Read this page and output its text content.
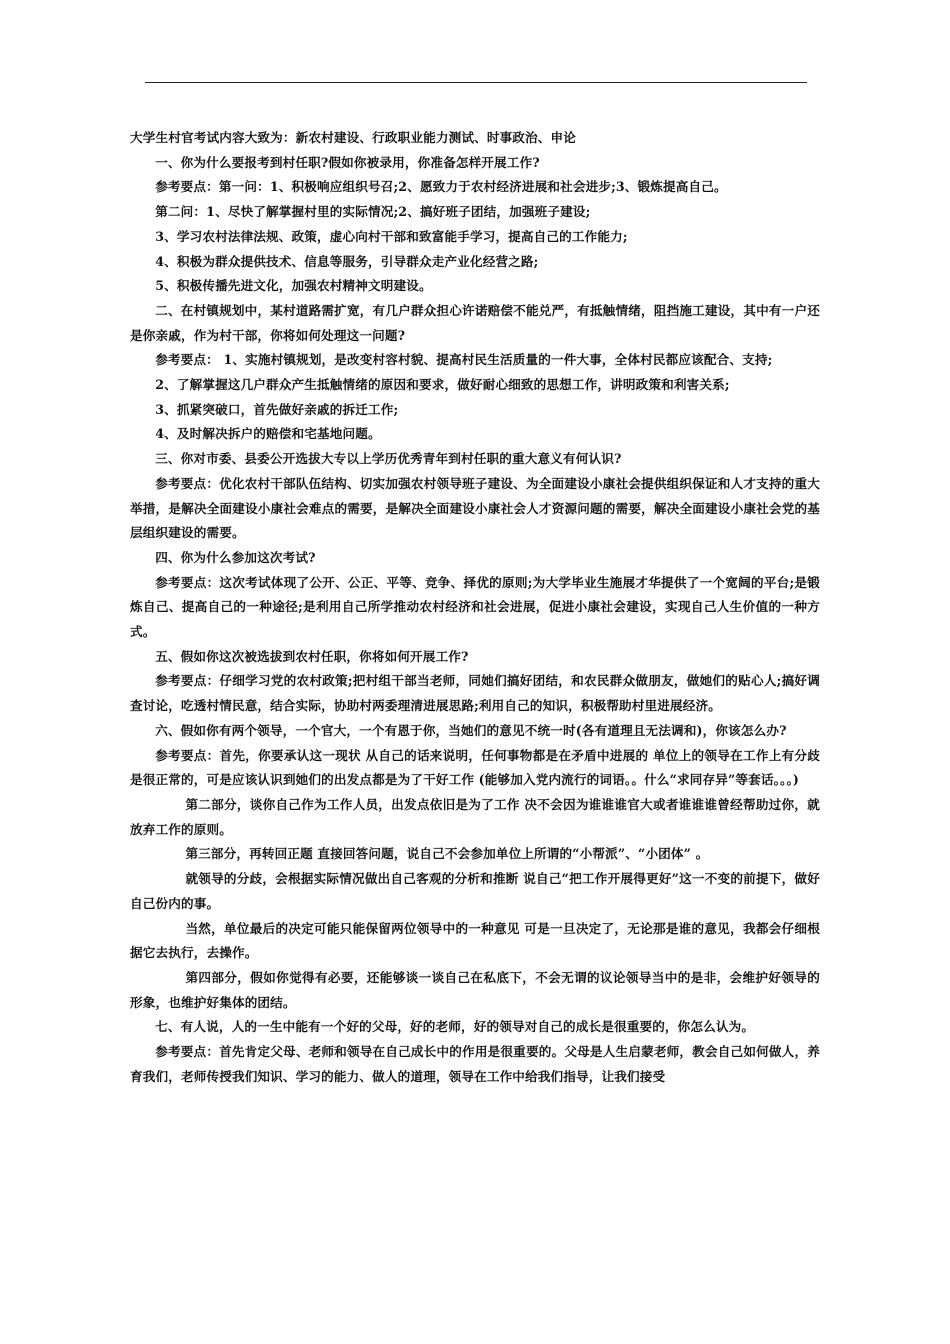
大学生村官考试内容大致为：新农村建设、行政职业能力测试、时事政治、申论

一、你为什么要报考到村任职?假如你被录用，你准备怎样开展工作?

参考要点：第一问：1、积极响应组织号召;2、愿致力于农村经济进展和社会进步;3、锻炼提高自己。

第二问：1、尽快了解掌握村里的实际情况;2、搞好班子团结，加强班子建设;

3、学习农村法律法规、政策，虚心向村干部和致富能手学习，提高自己的工作能力;

4、积极为群众提供技术、信息等服务，引导群众走产业化经营之路;

5、积极传播先进文化，加强农村精神文明建设。

二、在村镇规划中，某村道路需扩宽，有几户群众担心许诺赔偿不能兑严，有抵触情绪，阻挡施工建设，其中有一户还是你亲戚，作为村干部，你将如何处理这一问题?

参考要点： 1、实施村镇规划，是改变村容村貌、提高村民生活质量的一件大事，全体村民都应该配合、支持;

2、了解掌握这几户群众产生抵触情绪的原因和要求，做好耐心细致的思想工作，讲明政策和利害关系;

3、抓紧突破口，首先做好亲戚的拆迁工作;

4、及时解决拆户的赔偿和宅基地问题。

三、你对市委、县委公开选拔大专以上学历优秀青年到村任职的重大意义有何认识?

参考要点：优化农村干部队伍结构、切实加强农村领导班子建设、为全面建设小康社会提供组织保证和人才支持的重大举措，是解决全面建设小康社会难点的需要，是解决全面建设小康社会人才资源问题的需要，解决全面建设小康社会党的基层组织建设的需要。

四、你为什么参加这次考试?

参考要点：这次考试体现了公开、公正、平等、竞争、择优的原则;为大学毕业生施展才华提供了一个宽阔的平台;是锻炼自己、提高自己的一种途径;是利用自己所学推动农村经济和社会进展，促进小康社会建设，实现自己人生价值的一种方式。

五、假如你这次被选拔到农村任职，你将如何开展工作?

参考要点：仔细学习党的农村政策;把村组干部当老师，同她们搞好团结，和农民群众做朋友，做她们的贴心人;搞好调查讨论，吃透村情民意，结合实际，协助村两委理清进展思路;利用自己的知识，积极帮助村里进展经济。

六、假如你有两个领导，一个官大，一个有恩于你，当她们的意见不统一时(各有道理且无法调和)，你该怎么办?

参考要点：首先，你要承认这一现状 从自己的话来说明，任何事物都是在矛盾中进展的 单位上的领导在工作上有分歧是很正常的，可是应该认识到她们的出发点都是为了干好工作 (能够加入党内流行的词语。。什么“求同存异”等套话。。。)

第二部分，谈你自己作为工作人员，出发点依旧是为了工作 决不会因为谁谁谁官大或者谁谁谁曾经帮助过你，就放弃工作的原则。

第三部分，再转回正题 直接回答问题，说自己不会参加单位上所谓的“小帮派”、“小团体” 。

就领导的分歧，会根据实际情况做出自己客观的分析和推断 说自己“把工作开展得更好”这一不变的前提下，做好自己份内的事。

当然，单位最后的决定可能只能保留两位领导中的一种意见 可是一旦决定了，无论那是谁的意见，我都会仔细根据它去执行，去操作。

第四部分，假如你觉得有必要，还能够谈一谈自己在私底下，不会无谓的议论领导当中的是非，会维护好领导的形象，也维护好集体的团结。

七、有人说，人的一生中能有一个好的父母，好的老师，好的领导对自己的成长是很重要的，你怎么认为。

参考要点：首先肯定父母、老师和领导在自己成长中的作用是很重要的。父母是人生启蒙老师，教会自己如何做人，养育我们，老师传授我们知识、学习的能力、做人的道理，领导在工作中给我们指导，让我们接受
